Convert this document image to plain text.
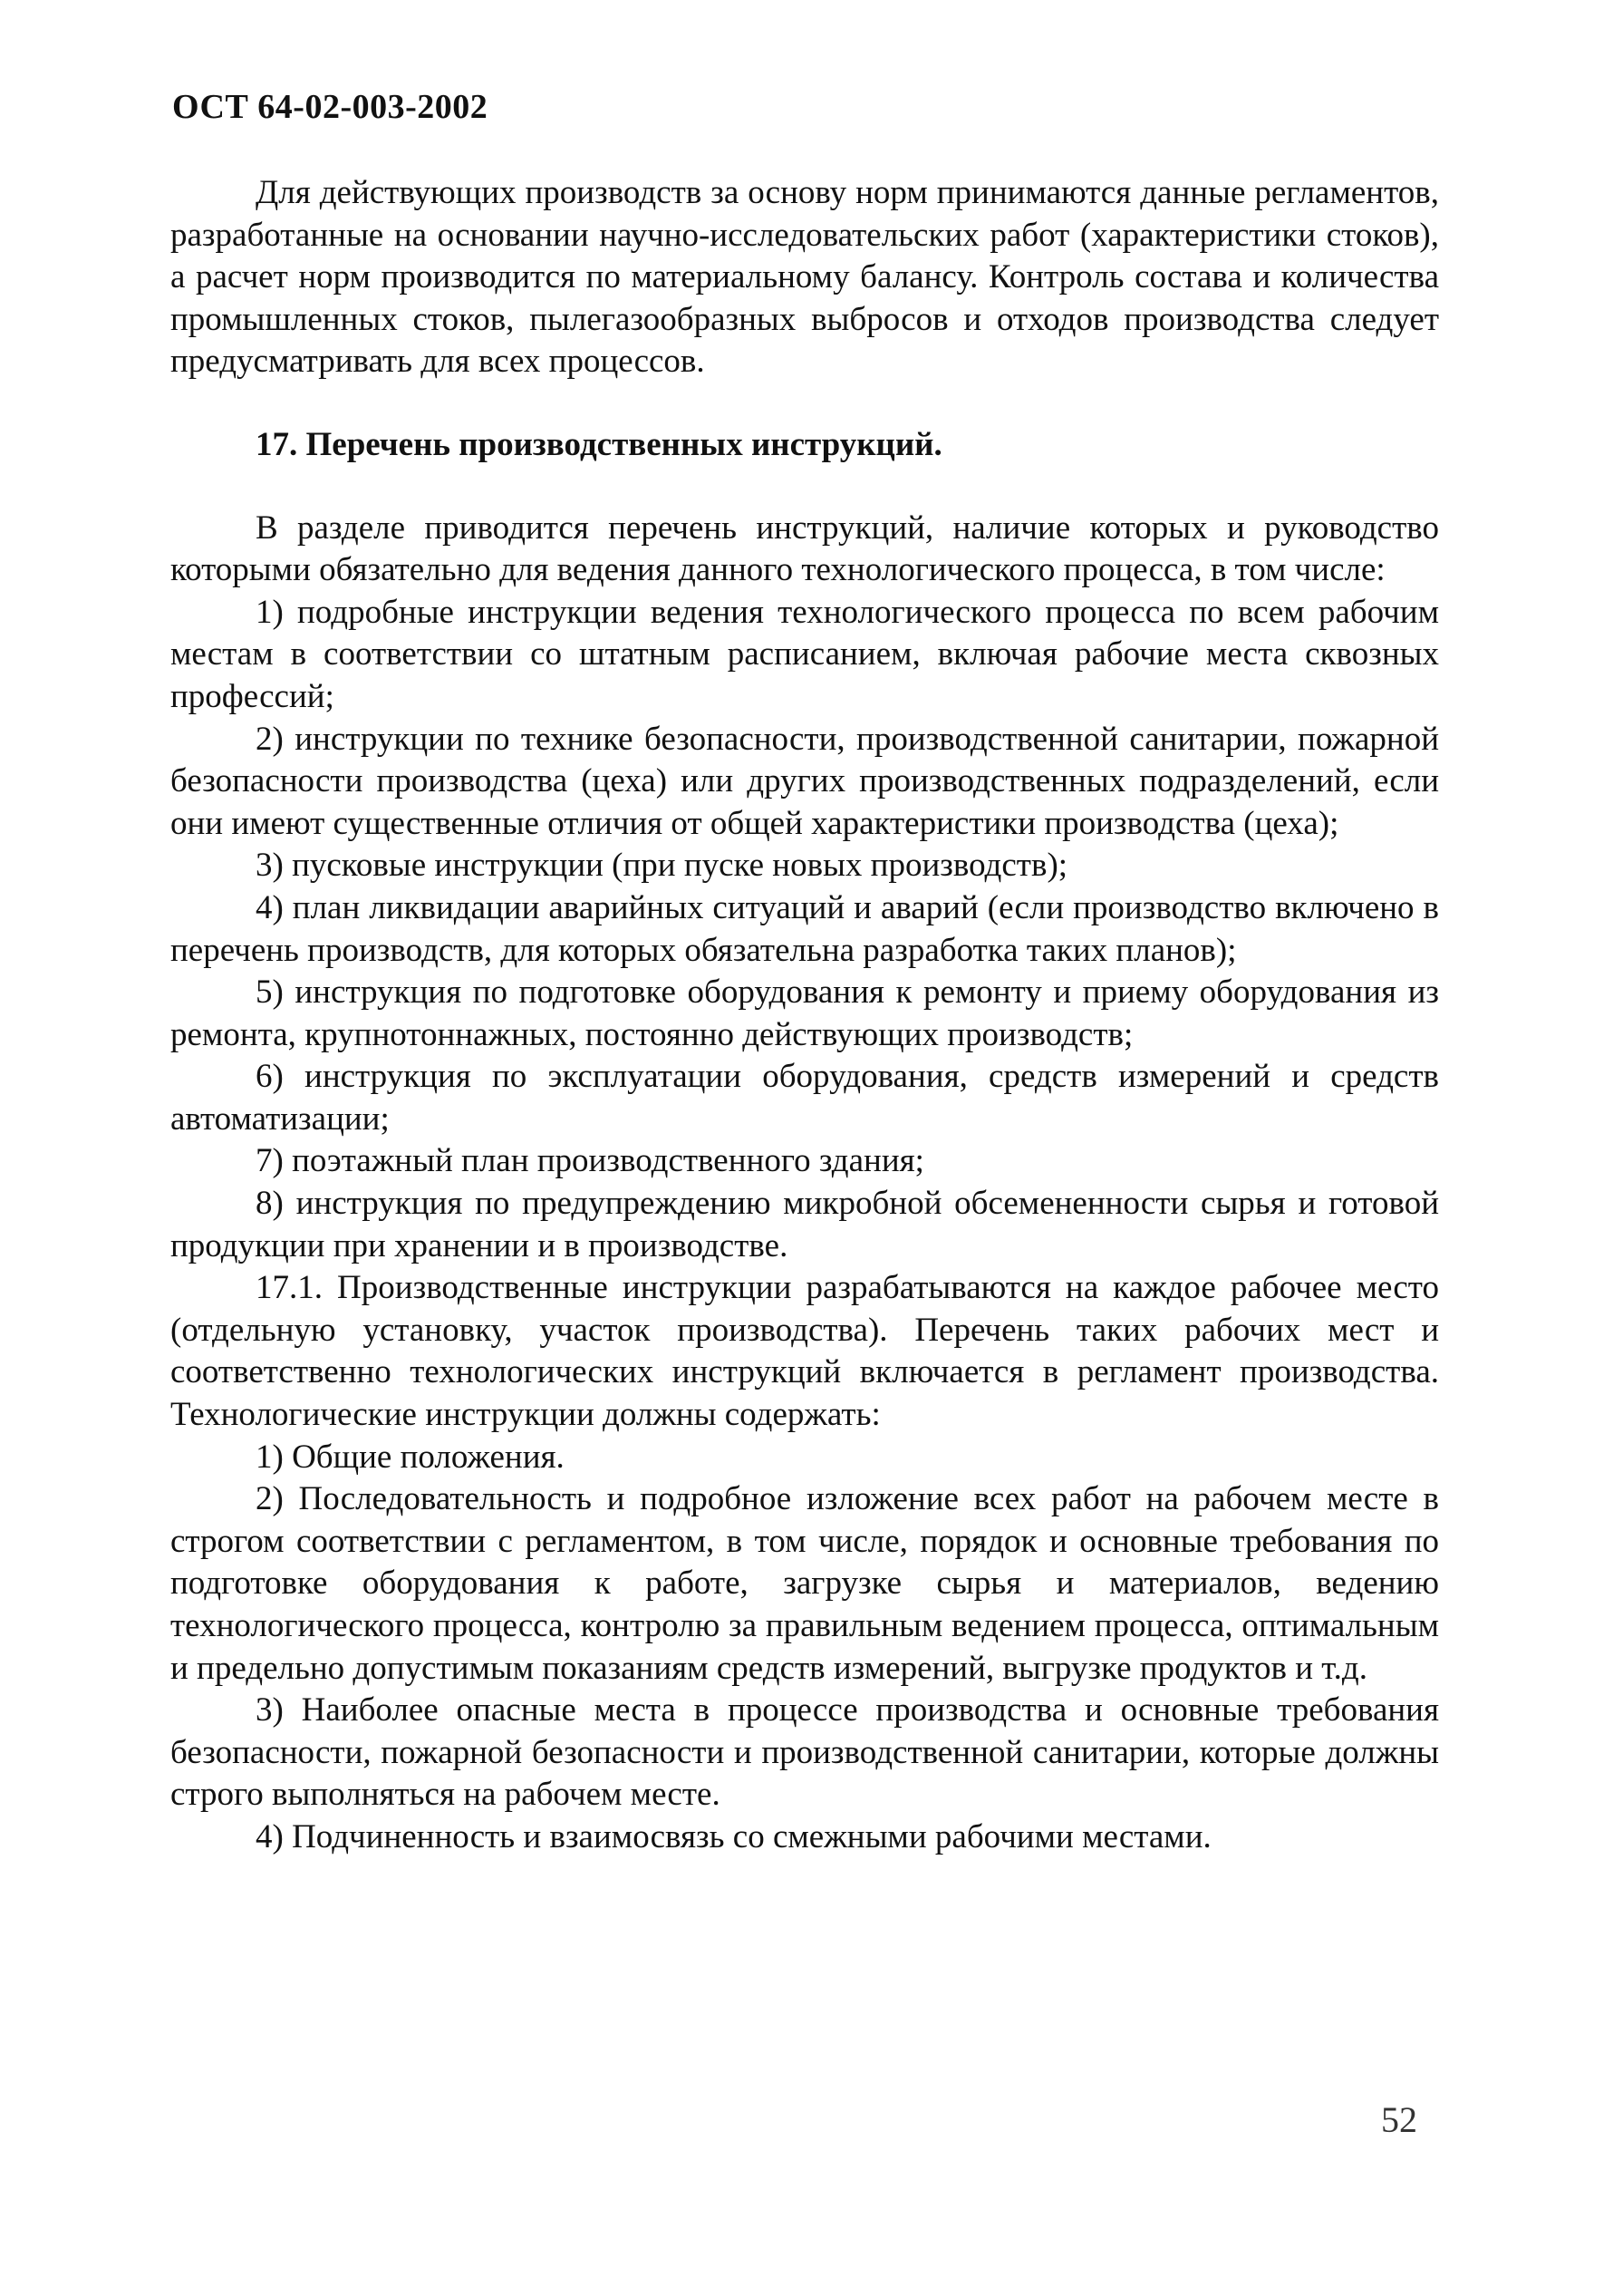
ОСТ 64-02-003-2002

Для действующих производств за основу норм принимаются данные регламентов, разработанные на основании научно-исследовательских работ (характеристики стоков), а расчет норм производится по материальному балансу. Контроль состава и количества промышленных стоков, пылегазообразных выбросов и отходов производства следует предусматривать для всех процессов.

17. Перечень производственных инструкций.

В разделе приводится перечень инструкций, наличие которых и руководство которыми обязательно для ведения данного технологического процесса, в том числе:

1) подробные инструкции ведения технологического процесса по всем рабочим местам в соответствии со штатным расписанием, включая рабочие места сквозных профессий;

2) инструкции по технике безопасности, производственной санитарии, пожарной безопасности производства (цеха) или других производственных подразделений, если они имеют существенные отличия от общей характеристики производства (цеха);

3) пусковые инструкции (при пуске новых производств);

4) план ликвидации аварийных ситуаций и аварий (если производство включено в перечень производств, для которых обязательна разработка таких планов);

5) инструкция по подготовке оборудования к ремонту и приему оборудования из ремонта, крупнотоннажных, постоянно действующих производств;

6) инструкция по эксплуатации оборудования, средств измерений и средств автоматизации;

7) поэтажный план производственного здания;

8) инструкция по предупреждению микробной обсемененности сырья и готовой продукции при хранении и в производстве.

17.1. Производственные инструкции разрабатываются на каждое рабочее место (отдельную установку, участок производства). Перечень таких рабочих мест и соответственно технологических инструкций включается в регламент производства. Технологические инструкции должны содержать:

1) Общие положения.

2) Последовательность и подробное изложение всех работ на рабочем месте в строгом соответствии с регламентом, в том числе, порядок и основные требования по подготовке оборудования к работе, загрузке сырья и материалов, ведению технологического процесса, контролю за правильным ведением процесса, оптимальным и предельно допустимым показаниям средств измерений, выгрузке продуктов и т.д.

3) Наиболее опасные места в процессе производства и основные требования безопасности, пожарной безопасности и производственной санитарии, которые должны строго выполняться на рабочем месте.

4) Подчиненность и взаимосвязь со смежными рабочими местами.

52
